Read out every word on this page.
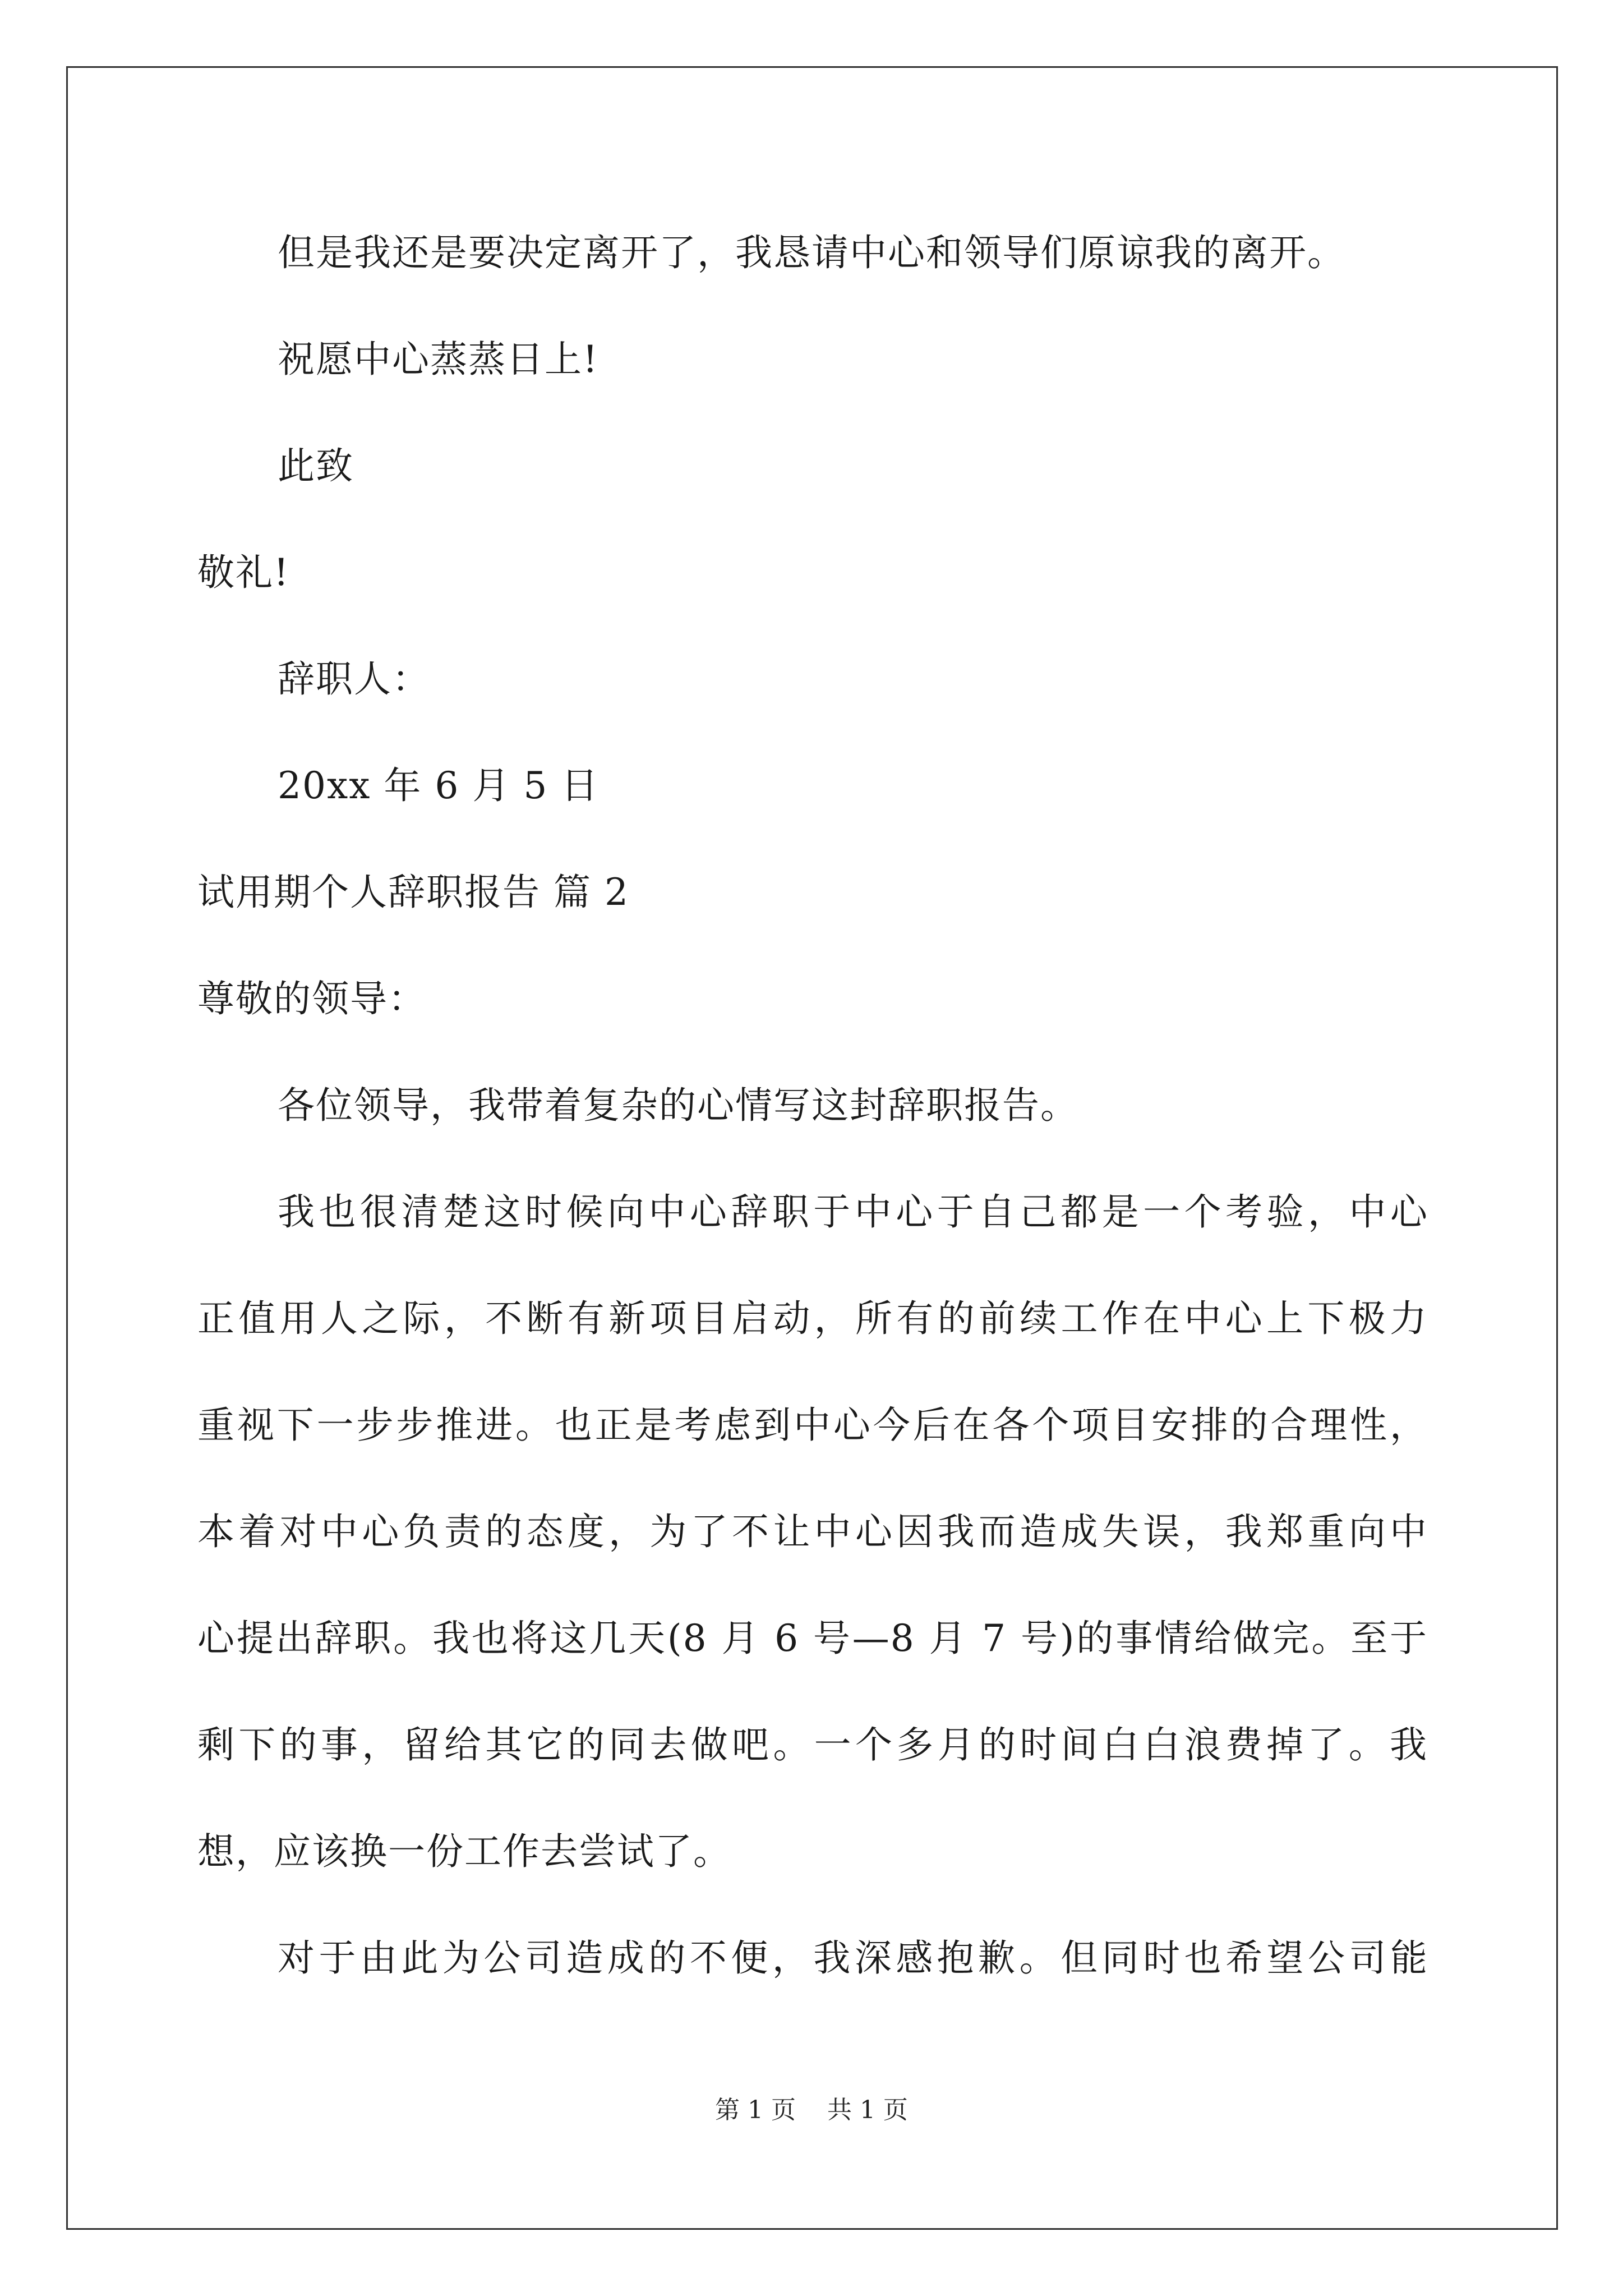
但是我还是要决定离开了，我恳请中心和领导们原谅我的离开。
祝愿中心蒸蒸日上!
此致
敬礼!
辞职人：
20xx 年 6 月 5 日
试用期个人辞职报告 篇 2
尊敬的领导：
各位领导，我带着复杂的心情写这封辞职报告。
我也很清楚这时候向中心辞职于中心于自己都是一个考验，中心
正值用人之际，不断有新项目启动，所有的前续工作在中心上下极力
重视下一步步推进。也正是考虑到中心今后在各个项目安排的合理性，
本着对中心负责的态度，为了不让中心因我而造成失误，我郑重向中
心提出辞职。我也将这几天(8 月 6 号—8 月 7 号)的事情给做完。至于
剩下的事，留给其它的同去做吧。一个多月的时间白白浪费掉了。我
想，应该换一份工作去尝试了。
对于由此为公司造成的不便，我深感抱歉。但同时也希望公司能
第 1 页    共 1 页
